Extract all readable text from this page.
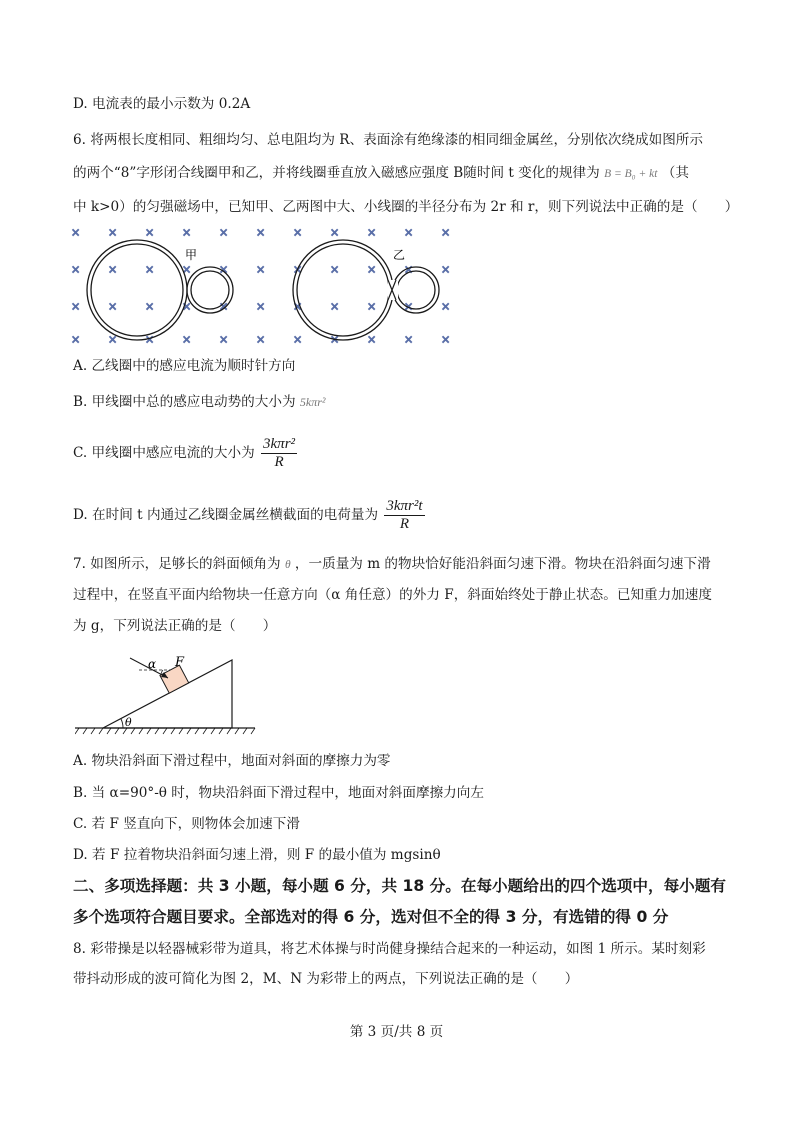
D. 电流表的最小示数为 0.2A
6. 将两根长度相同、粗细均匀、总电阻均为 R、表面涂有绝缘漆的相同细金属丝，分别依次绕成如图所示
的两个“8”字形闭合线圈甲和乙，并将线圈垂直放入磁感应强度 B随时间 t 变化的规律为 B = B₀ + kt （其
中 k>0）的匀强磁场中，已知甲、乙两图中大、小线圈的半径分布为 2r 和 r，则下列说法中正确的是（　　）
×
×
×
×
×
×
×
×
×
×
×
×
×
×
×
×
×
×
×
×
×
×
×
×
×
×
×
×
×
×
×
×
×
×
×
×
×
×
×
×
×
×
×
×
甲	乙
A. 乙线圈中的感应电流为顺时针方向
B. 甲线圈中总的感应电动势的大小为 5kπr²
C. 甲线圈中感应电流的大小为 $\frac{\text{3kπr²}}{R}$
D. 在时间 t 内通过乙线圈金属丝横截面的电荷量为 $\frac{\text{3kπr²t}}{R}$
7. 如图所示，足够长的斜面倾角为 θ ，一质量为 m 的物块恰好能沿斜面匀速下滑。物块在沿斜面匀速下滑
过程中，在竖直平面内给物块一任意方向（α 角任意）的外力 F，斜面始终处于静止状态。已知重力加速度
为 g，下列说法正确的是（　　）
θ
α F
A. 物块沿斜面下滑过程中，地面对斜面的摩擦力为零
B. 当 α=90°-θ 时，物块沿斜面下滑过程中，地面对斜面摩擦力向左
C. 若 F 竖直向下，则物体会加速下滑
D. 若 F 拉着物块沿斜面匀速上滑，则 F 的最小值为 mgsinθ
二、多项选择题：共 3 小题，每小题 6 分，共 18 分。在每小题给出的四个选项中，每小题有
多个选项符合题目要求。全部选对的得 6 分，选对但不全的得 3 分，有选错的得 0 分
8. 彩带操是以轻器械彩带为道具，将艺术体操与时尚健身操结合起来的一种运动，如图 1 所示。某时刻彩
带抖动形成的波可简化为图 2，M、N 为彩带上的两点，下列说法正确的是（　　）
第 3 页/共 8 页
